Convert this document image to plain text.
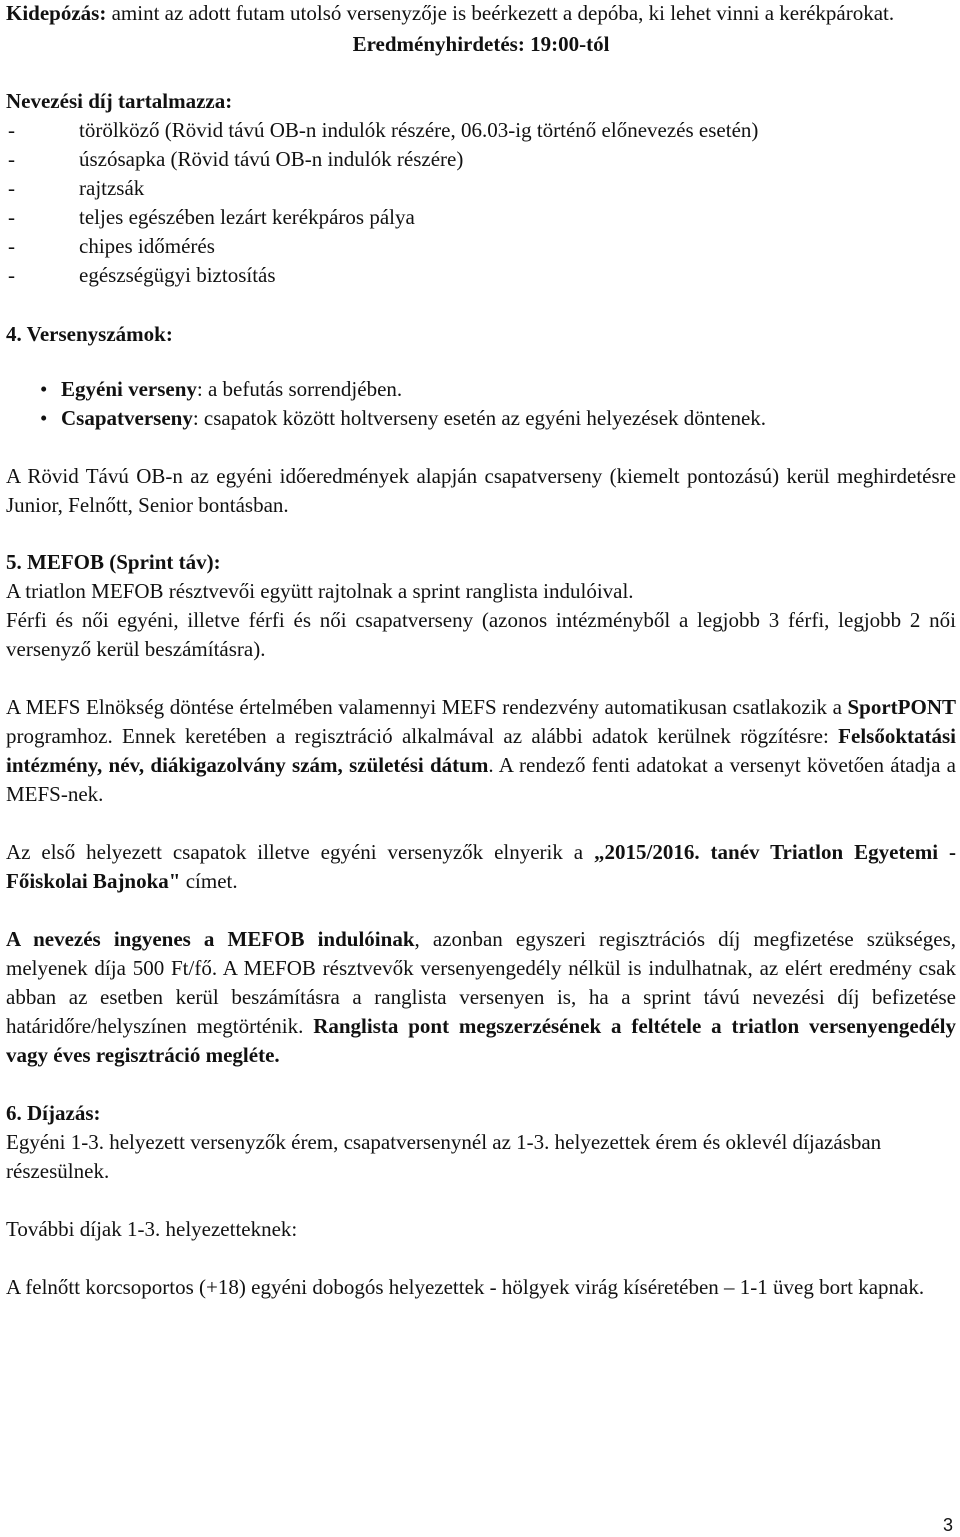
Kidepózás: amint az adott futam utolsó versenyzője is beérkezett a depóba, ki lehet vinni a kerékpárokat.

Eredményhirdetés: 19:00-tól

Nevezési díj tartalmazza:

- törölköző (Rövid távú OB-n indulók részére, 06.03-ig történő előnevezés esetén)
- úszósapka (Rövid távú OB-n indulók részére)
- rajtzsák
- teljes egészében lezárt kerékpáros pálya
- chipes időmérés
- egészségügyi biztosítás

4. Versenyszámok:

• Egyéni verseny: a befutás sorrendjében.
• Csapatverseny: csapatok között holtverseny esetén az egyéni helyezések döntenek.

A Rövid Távú OB-n az egyéni időeredmények alapján csapatverseny (kiemelt pontozású) kerül meghirdetésre Junior, Felnőtt, Senior bontásban.

5. MEFOB (Sprint táv):

A triatlon MEFOB résztvevői együtt rajtolnak a sprint ranglista indulóival.

Férfi és női egyéni, illetve férfi és női csapatverseny (azonos intézményből a legjobb 3 férfi, legjobb 2 női versenyző kerül beszámításra).

A MEFS Elnökség döntése értelmében valamennyi MEFS rendezvény automatikusan csatlakozik a SportPONT programhoz. Ennek keretében a regisztráció alkalmával az alábbi adatok kerülnek rögzítésre: Felsőoktatási intézmény, név, diákigazolvány szám, születési dátum. A rendező fenti adatokat a versenyt követően átadja a MEFS-nek.

Az első helyezett csapatok illetve egyéni versenyzők elnyerik a „2015/2016. tanév Triatlon Egyetemi - Főiskolai Bajnoka" címet.

A nevezés ingyenes a MEFOB indulóinak, azonban egyszeri regisztrációs díj megfizetése szükséges, melyenek díja 500 Ft/fő. A MEFOB résztvevők versenyengedély nélkül is indulhatnak, az elért eredmény csak abban az esetben kerül beszámításra a ranglista versenyen is, ha a sprint távú nevezési díj befizetése határidőre/helyszínen megtörténik. Ranglista pont megszerzésének a feltétele a triatlon versenyengedély vagy éves regisztráció megléte.

6. Díjazás:

Egyéni 1-3. helyezett versenyzők érem, csapatversenynél az 1-3. helyezettek érem és oklevél díjazásban részesülnek.

További díjak 1-3. helyezetteknek:

A felnőtt korcsoportos (+18) egyéni dobogós helyezettek - hölgyek virág kíséretében – 1-1 üveg bort kapnak.

3
